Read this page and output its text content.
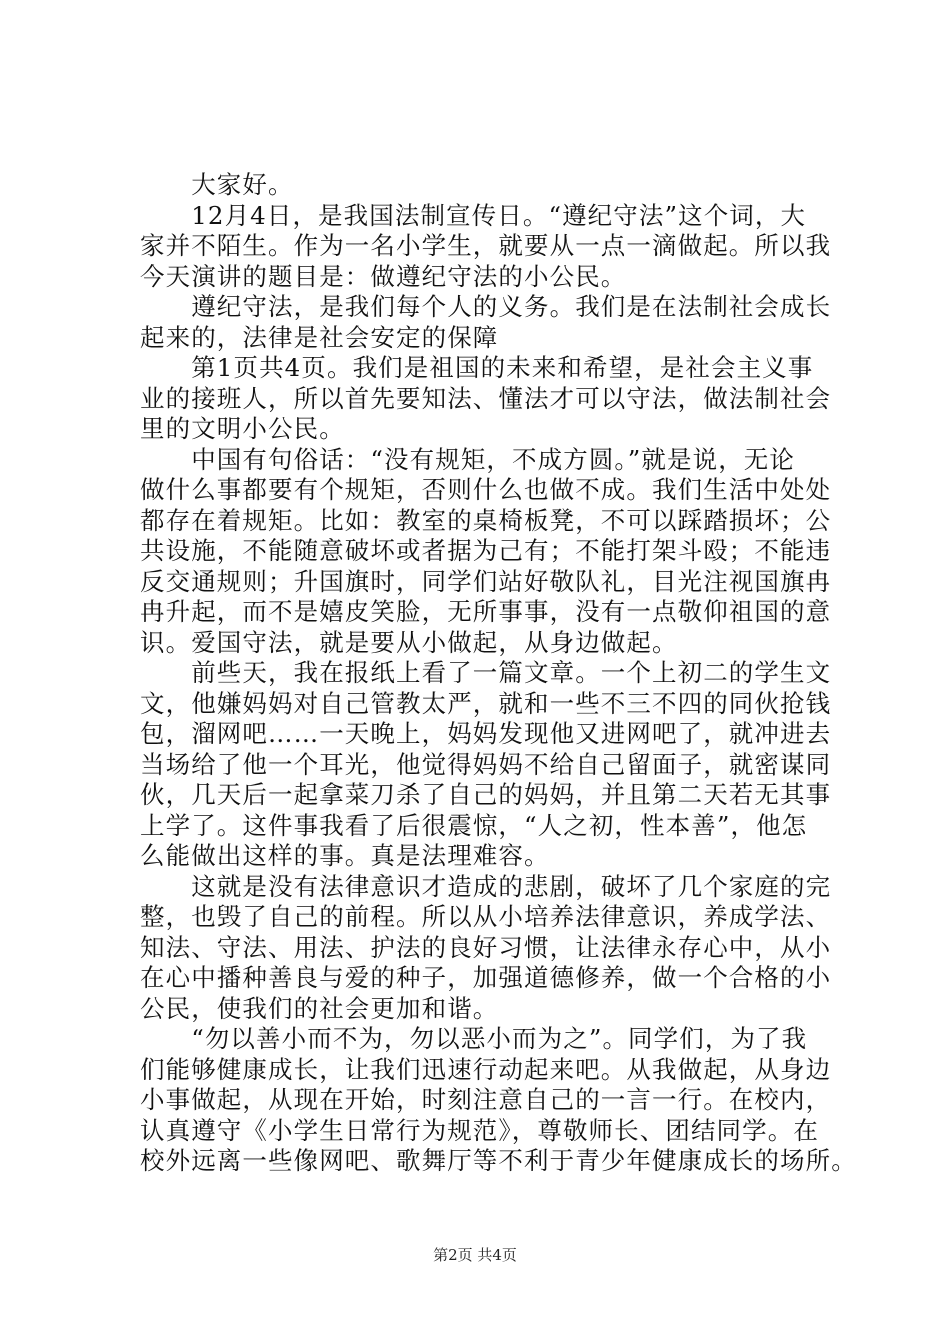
　　大家好。
　　12月4日，是我国法制宣传日。“遵纪守法”这个词，大
家并不陌生。作为一名小学生，就要从一点一滴做起。所以我
今天演讲的题目是：做遵纪守法的小公民。
　　遵纪守法，是我们每个人的义务。我们是在法制社会成长
起来的，法律是社会安定的保障
　　第1页共4页。我们是祖国的未来和希望，是社会主义事
业的接班人，所以首先要知法、懂法才可以守法，做法制社会
里的文明小公民。
　　中国有句俗话：“没有规矩，不成方圆。”就是说，无论
做什么事都要有个规矩，否则什么也做不成。我们生活中处处
都存在着规矩。比如：教室的桌椅板凳，不可以踩踏损坏；公
共设施，不能随意破坏或者据为己有；不能打架斗殴；不能违
反交通规则；升国旗时，同学们站好敬队礼，目光注视国旗冉
冉升起，而不是嬉皮笑脸，无所事事，没有一点敬仰祖国的意
识。爱国守法，就是要从小做起，从身边做起。
　　前些天，我在报纸上看了一篇文章。一个上初二的学生文
文，他嫌妈妈对自己管教太严，就和一些不三不四的同伙抢钱
包，溜网吧……一天晚上，妈妈发现他又进网吧了，就冲进去
当场给了他一个耳光，他觉得妈妈不给自己留面子，就密谋同
伙，几天后一起拿菜刀杀了自己的妈妈，并且第二天若无其事
上学了。这件事我看了后很震惊，“人之初，性本善”，他怎
么能做出这样的事。真是法理难容。
　　这就是没有法律意识才造成的悲剧，破坏了几个家庭的完
整，也毁了自己的前程。所以从小培养法律意识，养成学法、
知法、守法、用法、护法的良好习惯，让法律永存心中，从小
在心中播种善良与爱的种子，加强道德修养，做一个合格的小
公民，使我们的社会更加和谐。
　　“勿以善小而不为，勿以恶小而为之”。同学们，为了我
们能够健康成长，让我们迅速行动起来吧。从我做起，从身边
小事做起，从现在开始，时刻注意自己的一言一行。在校内，
认真遵守《小学生日常行为规范》，尊敬师长、团结同学。在
校外远离一些像网吧、歌舞厅等不利于青少年健康成长的场所。
第2页 共4页
